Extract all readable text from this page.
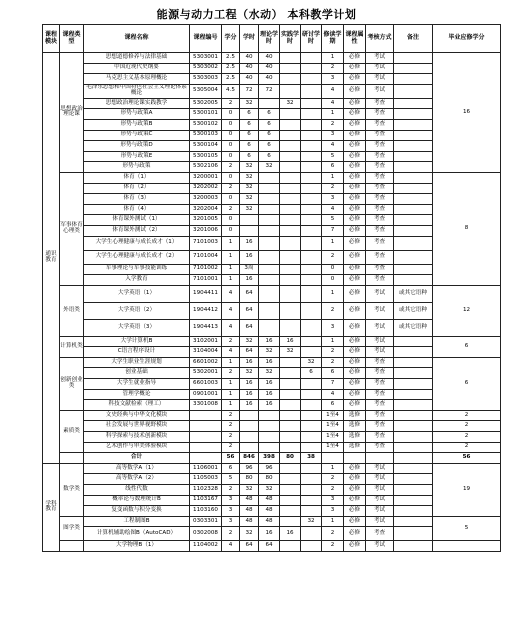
能源与动力工程（水动） 本科教学计划
课程模块	课程类型	课程名称	课程编号	学分	学时	理论学时	实践学时	研讨学时	修读学期	课程属性	考核方式	备注	毕业应修学分
通识教育	思想政治理论课	思想道德修养与法律基础	5303001	2.5	40	40			1	必修	考试		16
		中国近现代史纲要	5303002	2.5	40	40			2	必修	考试		
		马克思主义基本原理概论	5303003	2.5	40	40			3	必修	考试		
		毛泽东思想和中国特色社会主义理论体系概论	5305004	4.5	72	72			4	必修	考试		
		思想政治理论课实践教学	5302005	2	32		32		4	必修	考查		
		形势与政策A	5300101	0	6	6			1	必修	考查		
		形势与政策B	5300102	0	6	6			2	必修	考查		
		形势与政策C	5300103	0	6	6			3	必修	考查		
		形势与政策D	5300104	0	6	6			4	必修	考查		
		形势与政策E	5300105	0	6	6			5	必修	考查		
		形势与政策	5302106	2	32	32			6	必修	考查		
	军事体育心理类	体育（1）	3200001	0	32				1	必修	考查		8
		体育（2）	3202002	2	32				2	必修	考查		
		体育（3）	3200003	0	32				3	必修	考查		
		体育（4）	3202004	2	32				4	必修	考查		
		体育课外测试（1）	3201005	0					5	必修	考查		
		体育课外测试（2）	3201006	0					7	必修	考查		
		大学生心理健康与成长成才（1）	7101003	1	16				1	必修	考查		
		大学生心理健康与成长成才（2）	7101004	1	16				2	必修	考查		
		军事理论与军事技能训练	7101002	1	3周				0	必修	考查		
		入学教育	7101001	1	16				0	必修	考查		
	外语类	大学英语（1）	1904411	4	64				1	必修	考试	或其它语种	12
		大学英语（2）	1904412	4	64				2	必修	考试	或其它语种	
		大学英语（3）	1904413	4	64				3	必修	考试	或其它语种	
	计算机类	大学计算机B	3102001	2	32	16	16		1	必修	考试		6
		C语言程序设计	3104004	4	64	32	32		2	必修	考试		
	创新创业类	大学生职业生涯规划	6601002	1	16	16		32	2	必修	考查		6
		创业基础	5302001	2	32	32		6	6	必修	考查		
		大学生就业指导	6601003	1	16	16			7	必修	考查		
		管理学概论	0901001	1	16	16			4	必修	考查		
		科技文献检索（理工）	3301008	1	16	16			6	必修	考查		
	素质类	文史经典与中华文化模块		2					1至4	选修	考查		2
		社会发展与世界视野模块		2					1至4	选修	考查		2
		科学探索与技术创新模块		2					1至4	选修	考查		2
		艺术创作与审美体验模块		2					1至4	选修	考查		2
		合计		56	846	398	80	38					56
学科教育	数学类	高等数学A（1）	1106001	6	96	96			1	必修	考试		19
		高等数学A（2）	1105003	5	80	80			2	必修	考试		
		线性代数	1102328	2	32	32			2	必修	考试		
		概率论与数理统计B	1103167	3	48	48			3	必修	考试		
		复变函数与积分变换	1103160	3	48	48			3	必修	考试		
	图学类	工程制图B	0303301	3	48	48		32	1	必修	考试		5
		计算机辅助绘图B（AutoCAD）	0302008	2	32	16	16		2	必修	考查		
		大学物理B（1）	1104002	4	64	64			2	必修	考试		
